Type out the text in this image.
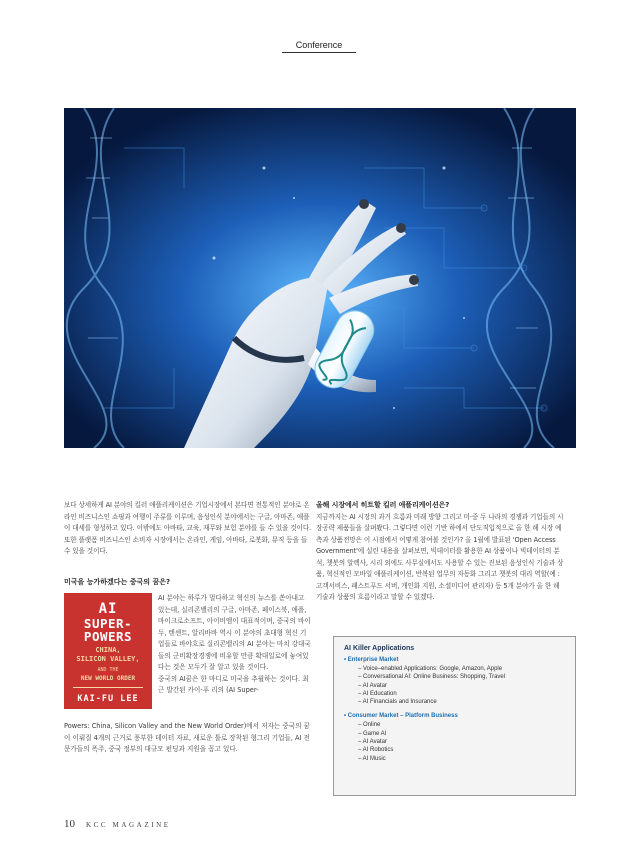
Conference

보다 상세하게 AI 분야의 킬러 애플리케이션은 기업시장에서 본다면 전통적인 분야로 온라인 비즈니스인 쇼핑과 여행이 주류를 이루며, 음성인식 분야에서는 구글, 아마존, 애플이 대세를 형성하고 있다. 이밖에도 아바타, 교육, 재무와 보험 분야를 들 수 있을 것이다. 또한 플랫폼 비즈니스인 소비자 시장에서는 온라인, 게임, 아바타, 로봇화, 뮤직 등을 들 수 있을 것이다.

미국을 능가하겠다는 중국의 꿈은?
AI
SUPER-
POWERS
CHINA,
SILICON VALLEY,
AND THE
NEW WORLD ORDER
KAI-FU LEE

AI 분야는 하루가 멀다하고 혁신의 뉴스를 쏟아내고 있는데, 실리콘밸리의 구글, 아마존, 페이스북, 애플, 마이크로소프트, 아이비엠이 대표적이며, 중국의 바이두, 텐센트, 알리바바 역시 이 분야의 초대형 혁신 기업들로 바야흐로 실리콘밸리의 AI 분야는 마치 강대국들의 군비확장경쟁에 비유할 만큼 확대일로에 놓여있다는 것은 모두가 잘 알고 있을 것이다.

중국의 AI꿈은 한 마디로 미국을 추월하는 것이다. 최근 발간된 카이-푸 리의 (AI Super-

Powers: China, Silicon Valley and the New World Order)에서 저자는 중국의 꿈이 이뤄질 4개의 근거로 풍부한 데이터 자료, 새로운 틀로 장착된 형그리 기업들, AI 전문가들의 폭주, 중국 정부의 대규모 펀딩과 지원을 꼽고 있다.

올해 시장에서 히트할 킬러 애플리케이션은?

지금까지는 AI 시장의 과거 흐름과 미래 방향 그리고 미·중 두 나라의 경쟁과 기업들의 시장공략 제품들을 살펴봤다. 그렇다면 이런 기반 하에서 단도직입적으로 올 한 해 시장 예측과 상품전망은 이 시점에서 어떻게 참여볼 것인가? 올 1월에 발표된 'Open Access Government'에 실린 내용을 살펴보면, 빅데이터를 활용한 AI 상품이나 빅데이터의 분석, 챗봇의 알렉사, 시리 외에도 사무실에서도 사용할 수 있는 진보된 음성인식 기술과 상품, 혁신적인 모바일 애플리케이션, 반복된 업무의 자동화 그리고 챗봇의 대리 역할(예 : 고객서비스, 패스트푸드 서버, 개인화 지원, 소셜미디어 관리자) 등 5개 분야가 올 한 해 기술과 상품의 흐름이라고 말할 수 있겠다.

AI Killer Applications
• Enterprise Market
– Voice–enabled Applications: Google, Amazon, Apple
– Conversational AI: Online Business: Shopping, Travel
– AI Avatar
– AI Education
– AI Financials and Insurance
• Consumer Market – Platform Business
– Online
– Game AI
– AI Avatar
– AI Robotics
– AI Music
10 KCC MAGAZINE
